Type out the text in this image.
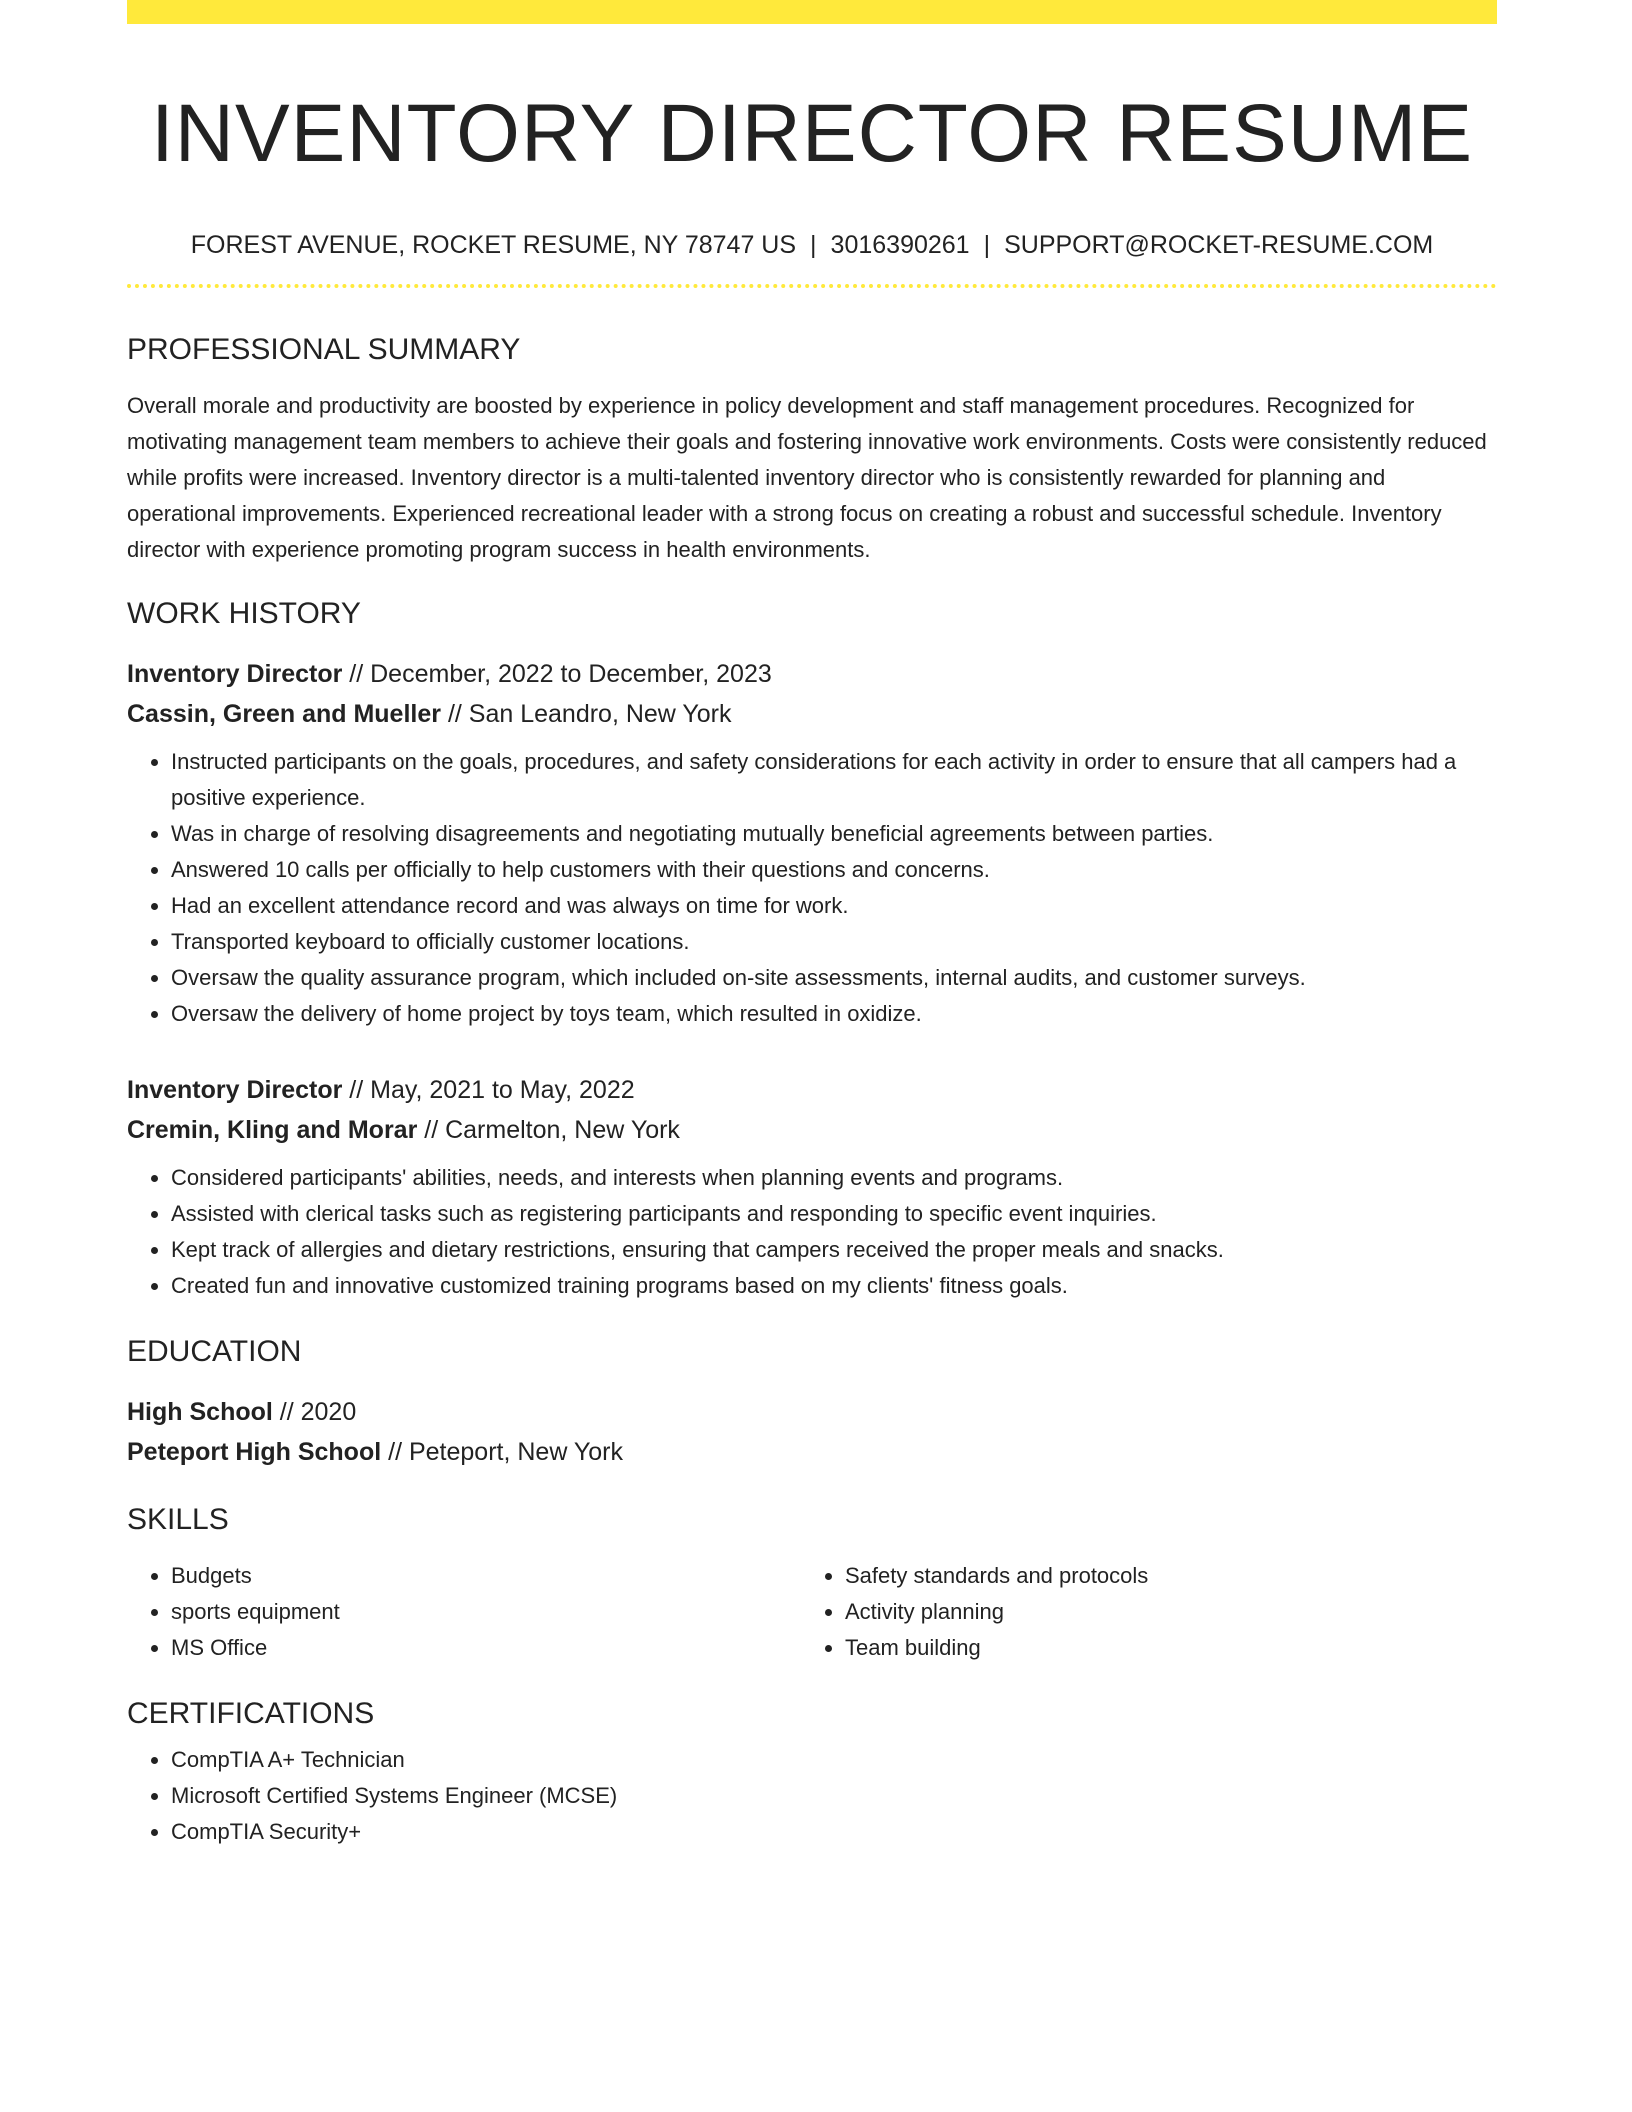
INVENTORY DIRECTOR RESUME
FOREST AVENUE, ROCKET RESUME, NY 78747 US | 3016390261 | SUPPORT@ROCKET-RESUME.COM
PROFESSIONAL SUMMARY
Overall morale and productivity are boosted by experience in policy development and staff management procedures. Recognized for motivating management team members to achieve their goals and fostering innovative work environments. Costs were consistently reduced while profits were increased. Inventory director is a multi-talented inventory director who is consistently rewarded for planning and operational improvements. Experienced recreational leader with a strong focus on creating a robust and successful schedule. Inventory director with experience promoting program success in health environments.
WORK HISTORY
Inventory Director // December, 2022 to December, 2023
Cassin, Green and Mueller // San Leandro, New York
• Instructed participants on the goals, procedures, and safety considerations for each activity in order to ensure that all campers had a positive experience.
• Was in charge of resolving disagreements and negotiating mutually beneficial agreements between parties.
• Answered 10 calls per officially to help customers with their questions and concerns.
• Had an excellent attendance record and was always on time for work.
• Transported keyboard to officially customer locations.
• Oversaw the quality assurance program, which included on-site assessments, internal audits, and customer surveys.
• Oversaw the delivery of home project by toys team, which resulted in oxidize.
Inventory Director // May, 2021 to May, 2022
Cremin, Kling and Morar // Carmelton, New York
• Considered participants' abilities, needs, and interests when planning events and programs.
• Assisted with clerical tasks such as registering participants and responding to specific event inquiries.
• Kept track of allergies and dietary restrictions, ensuring that campers received the proper meals and snacks.
• Created fun and innovative customized training programs based on my clients' fitness goals.
EDUCATION
High School // 2020
Peteport High School // Peteport, New York
SKILLS
• Budgets
• sports equipment
• MS Office
• Safety standards and protocols
• Activity planning
• Team building
CERTIFICATIONS
• CompTIA A+ Technician
• Microsoft Certified Systems Engineer (MCSE)
• CompTIA Security+
